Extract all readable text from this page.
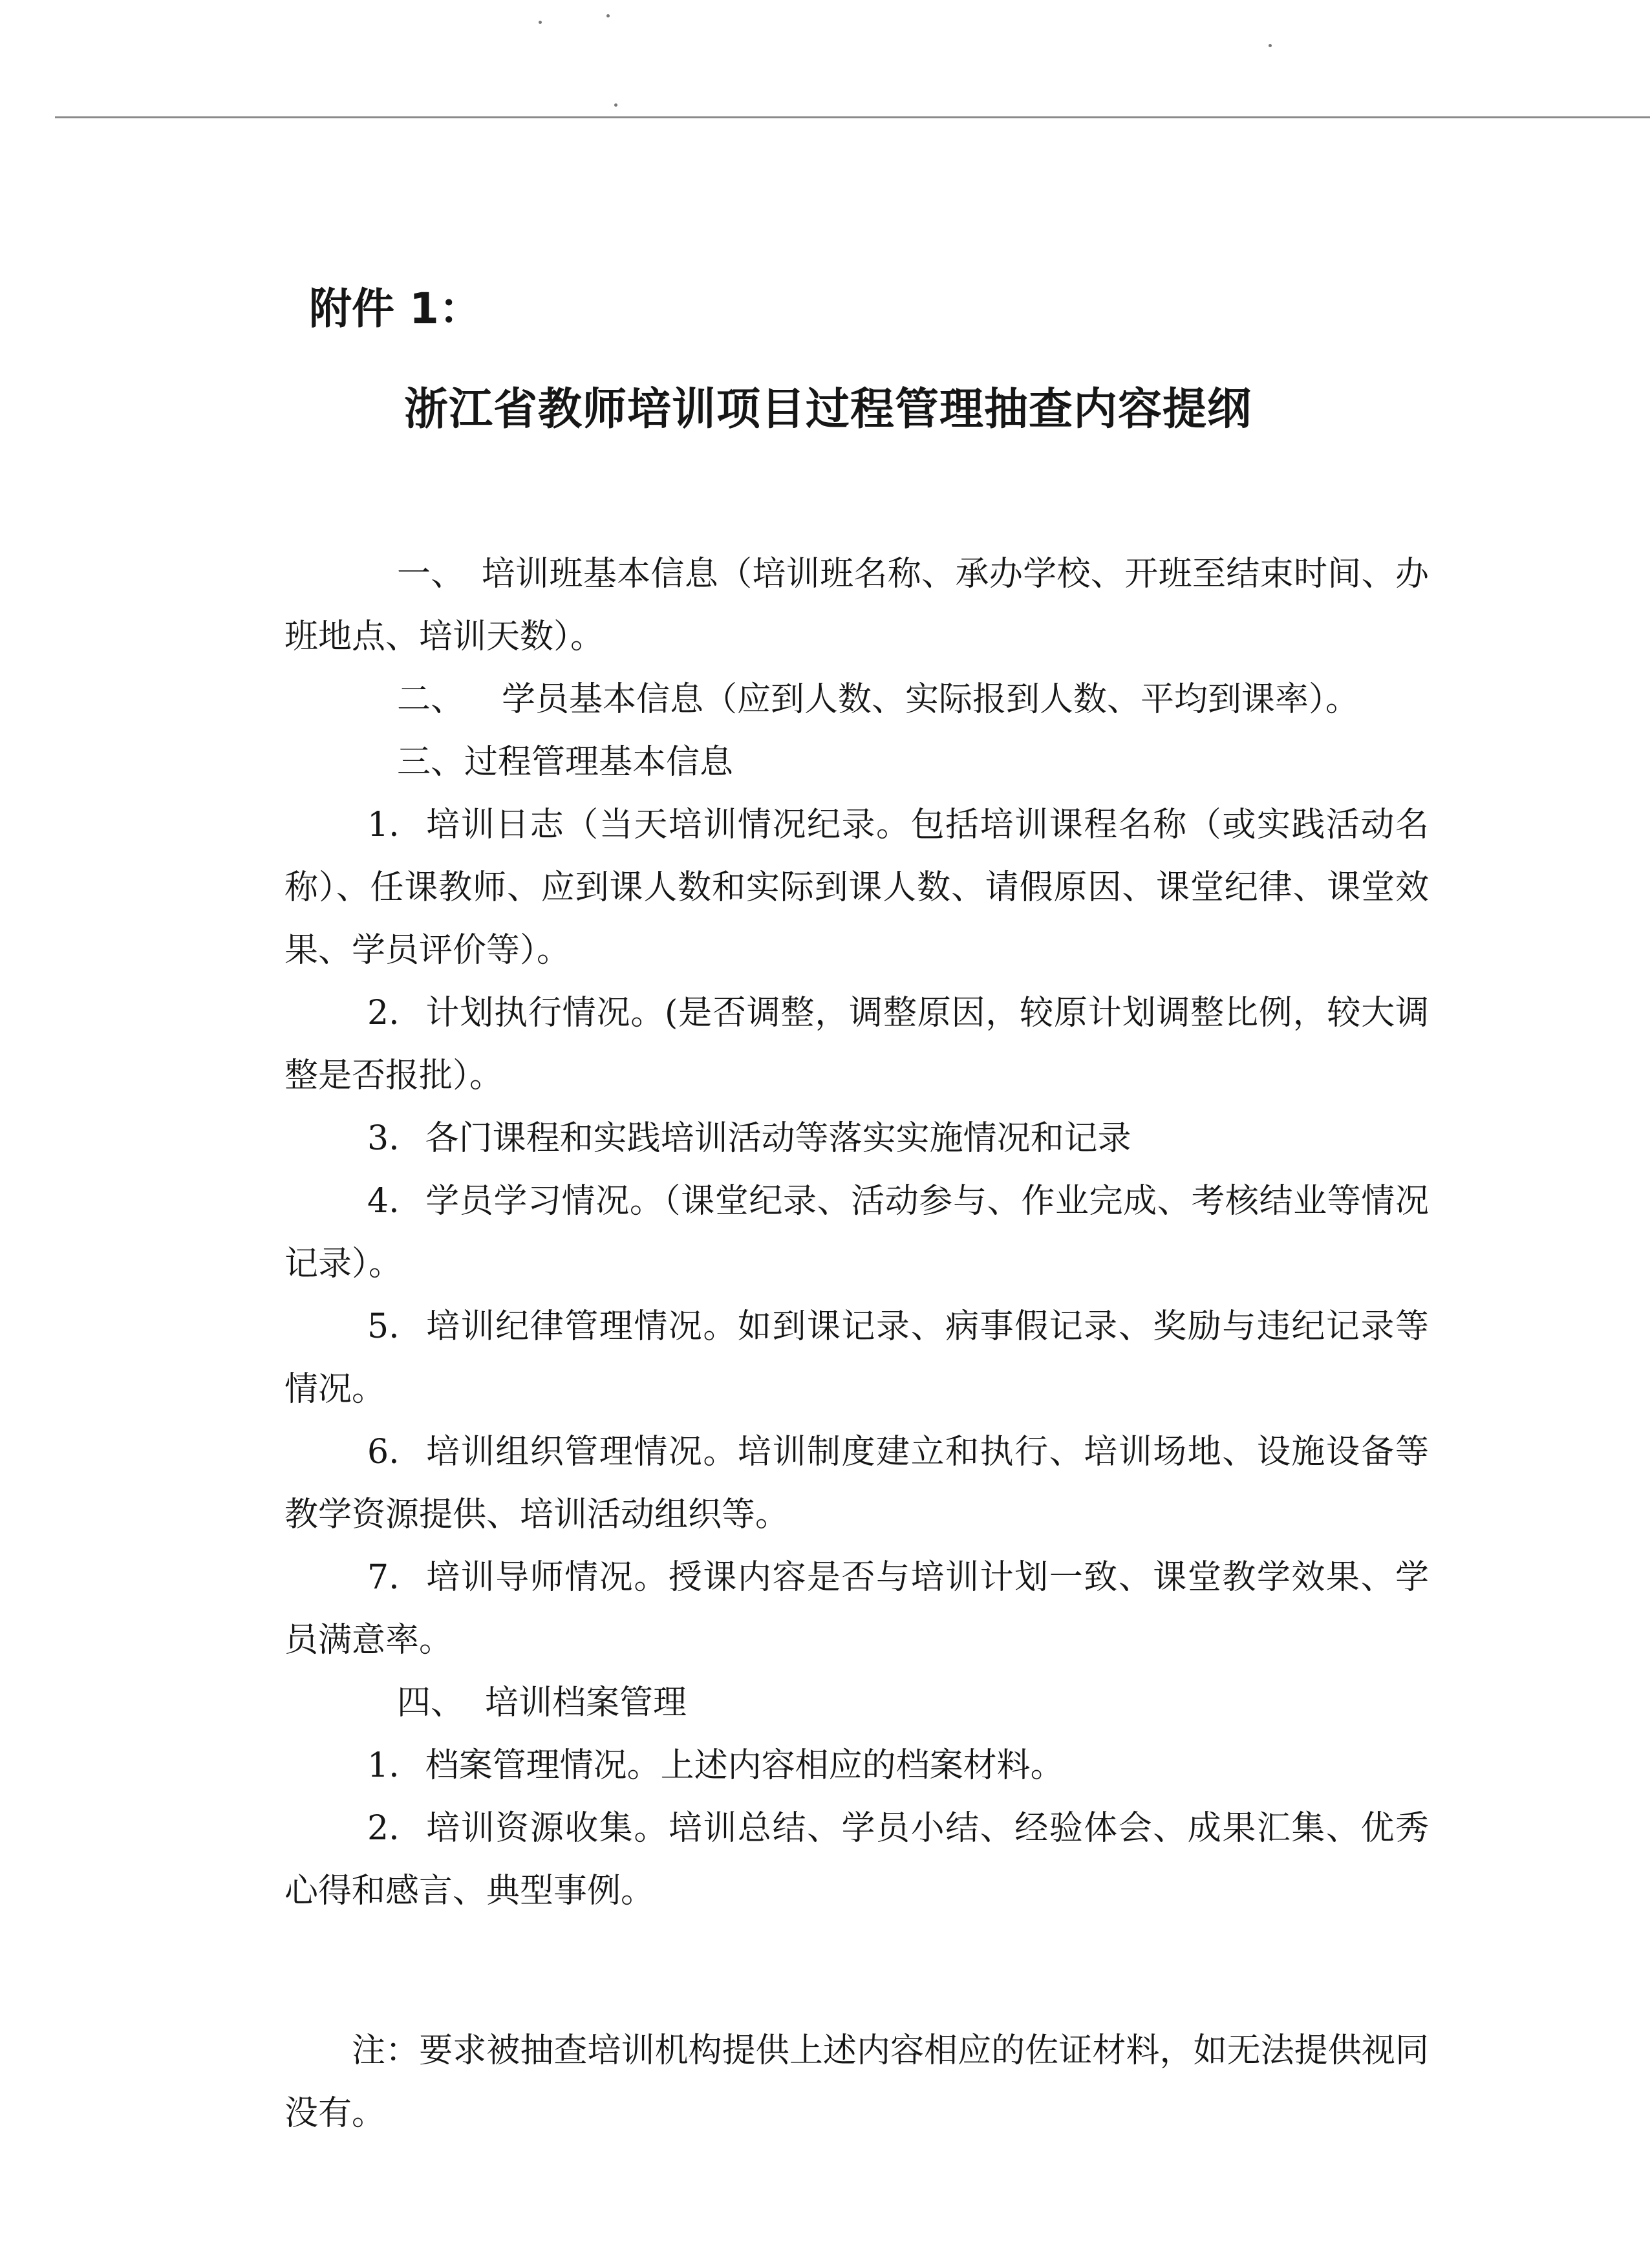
附件 1：
浙江省教师培训项目过程管理抽查内容提纲

一、 培训班基本信息（培训班名称、承办学校、开班至结束时间、办班地点、培训天数）。

二、 学员基本信息（应到人数、实际报到人数、平均到课率）。

三、过程管理基本信息

1. 培训日志（当天培训情况纪录。包括培训课程名称（或实践活动名称）、任课教师、应到课人数和实际到课人数、请假原因、课堂纪律、课堂效果、学员评价等）。

2. 计划执行情况。(是否调整，调整原因，较原计划调整比例，较大调整是否报批）。

3. 各门课程和实践培训活动等落实实施情况和记录

4. 学员学习情况。（课堂纪录、活动参与、作业完成、考核结业等情况记录）。

5. 培训纪律管理情况。如到课记录、病事假记录、奖励与违纪记录等情况。

6. 培训组织管理情况。培训制度建立和执行、培训场地、设施设备等教学资源提供、培训活动组织等。

7. 培训导师情况。授课内容是否与培训计划一致、课堂教学效果、学员满意率。

四、 培训档案管理

1. 档案管理情况。上述内容相应的档案材料。

2. 培训资源收集。培训总结、学员小结、经验体会、成果汇集、优秀心得和感言、典型事例。

注：要求被抽查培训机构提供上述内容相应的佐证材料，如无法提供视同没有。
